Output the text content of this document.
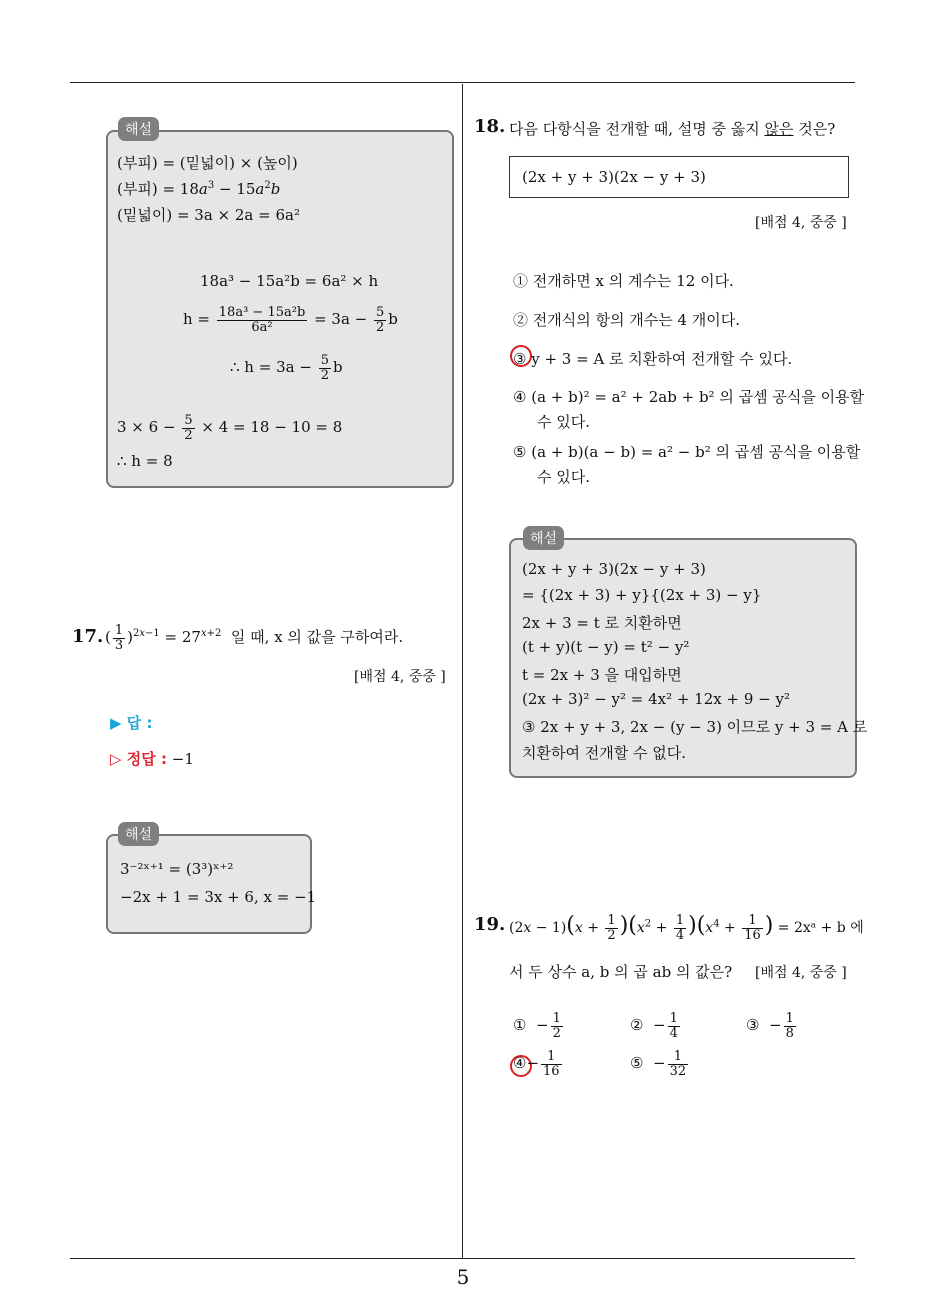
해설
(부피) = (밑넓이) × (높이)
(부피) = $18a^3 - 15a^2b$
(밑넓이) = 3a × 2a = 6a²
18a³ − 15a²b = 6a² × h
$h = \frac{\text{18a³ − 15a²b}}{\text{6a²}} = 3a - \frac{5}{2}$ b
∴ $h = 3a - \frac{5}{2}$ b
$3 \times 6 - \frac{5}{2} \times 4 = 18 - 10 = 8$
∴ h = 8
17. ( $\frac{1}{3} )^{2x-1} = 27^{x+2}$ 일 때, x 의 값을 구하여라.
[배점 4, 중중 ]
▶ 답 :
▷ 정답 : −1
해설
3⁻²ˣ⁺¹ = (3³)ˣ⁺²
−2x + 1 = 3x + 6, x = −1
18. 다음 다항식을 전개할 때, 설명 중 옳지 않은 것은?
(2x + y + 3)(2x − y + 3)
[배점 4, 중중 ]
① 전개하면 x 의 계수는 12 이다.
② 전개식의 항의 개수는 4 개이다.
③ y + 3 = A 로 치환하여 전개할 수 있다.
④ (a + b)² = a² + 2ab + b² 의 곱셈 공식을 이용할
수 있다.
⑤ (a + b)(a − b) = a² − b² 의 곱셈 공식을 이용할
수 있다.
해설
(2x + y + 3)(2x − y + 3)
= {(2x + 3) + y}{(2x + 3) − y}
2x + 3 = t 로 치환하면
(t + y)(t − y) = t² − y²
t = 2x + 3 을 대입하면
(2x + 3)² − y² = 4x² + 12x + 9 − y²
③ 2x + y + 3, 2x − (y − 3) 이므로 y + 3 = A 로
치환하여 전개할 수 없다.
19. $(2x - 1)(x + \frac{1}{2} )(x^2 + \frac{1}{4} )(x^4 + \frac{1}{16}$ ) = 2xᵃ + b 에
서 두 상수 a, b 의 곱 ab 의 값은? [배점 4, 중중 ]
①  − $\frac{1}{2}$	②  − $\frac{1}{4}$	③  − $\frac{1}{8}$
④− $\frac{1}{16}$	⑤  − $\frac{1}{32}$
5
